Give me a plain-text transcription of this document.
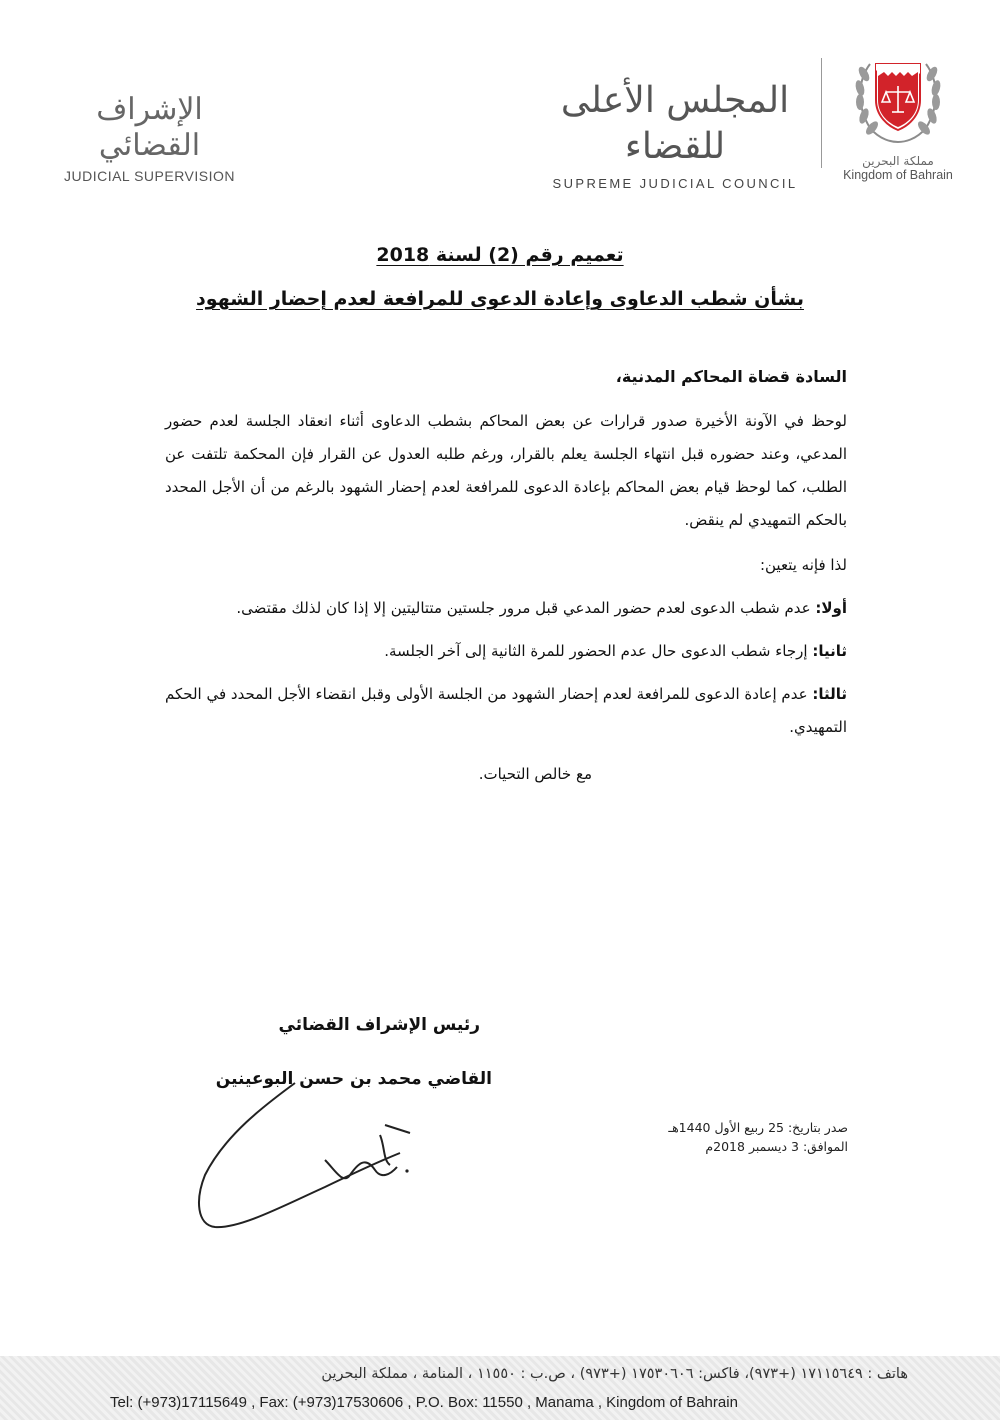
الإشراف القضائي
JUDICIAL SUPERVISION
المجلس الأعلى للقضاء
SUPREME JUDICIAL COUNCIL
مملكة البحرين
Kingdom of Bahrain
تعميم رقم (2) لسنة 2018
بشأن شطب الدعاوى وإعادة الدعوى للمرافعة لعدم إحضار الشهود

السادة قضاة المحاكم المدنية،

لوحظ في الآونة الأخيرة صدور قرارات عن بعض المحاكم بشطب الدعاوى أثناء انعقاد الجلسة لعدم حضور المدعي، وعند حضوره قبل انتهاء الجلسة يعلم بالقرار، ورغم طلبه العدول عن القرار فإن المحكمة تلتفت عن الطلب، كما لوحظ قيام بعض المحاكم بإعادة الدعوى للمرافعة لعدم إحضار الشهود بالرغم من أن الأجل المحدد بالحكم التمهيدي لم ينقض.

لذا فإنه يتعين:

أولا: عدم شطب الدعوى لعدم حضور المدعي قبل مرور جلستين متتاليتين إلا إذا كان لذلك مقتضى.

ثانيا: إرجاء شطب الدعوى حال عدم الحضور للمرة الثانية إلى آخر الجلسة.

ثالثا: عدم إعادة الدعوى للمرافعة لعدم إحضار الشهود من الجلسة الأولى وقبل انقضاء الأجل المحدد في الحكم التمهيدي.

مع خالص التحيات.

رئيس الإشراف القضائي
القاضي محمد بن حسن البوعينين
صدر بتاريخ: 25 ربيع الأول 1440هـ
الموافق: 3 ديسمبر 2018م
هاتف : ١٧١١٥٦٤٩ (+٩٧٣)، فاكس: ١٧٥٣٠٦٠٦ (+٩٧٣) ، ص.ب : ١١٥٥٠ ، المنامة ، مملكة البحرين
Tel: (+973)17115649 , Fax: (+973)17530606 , P.O. Box: 11550 , Manama , Kingdom of Bahrain
